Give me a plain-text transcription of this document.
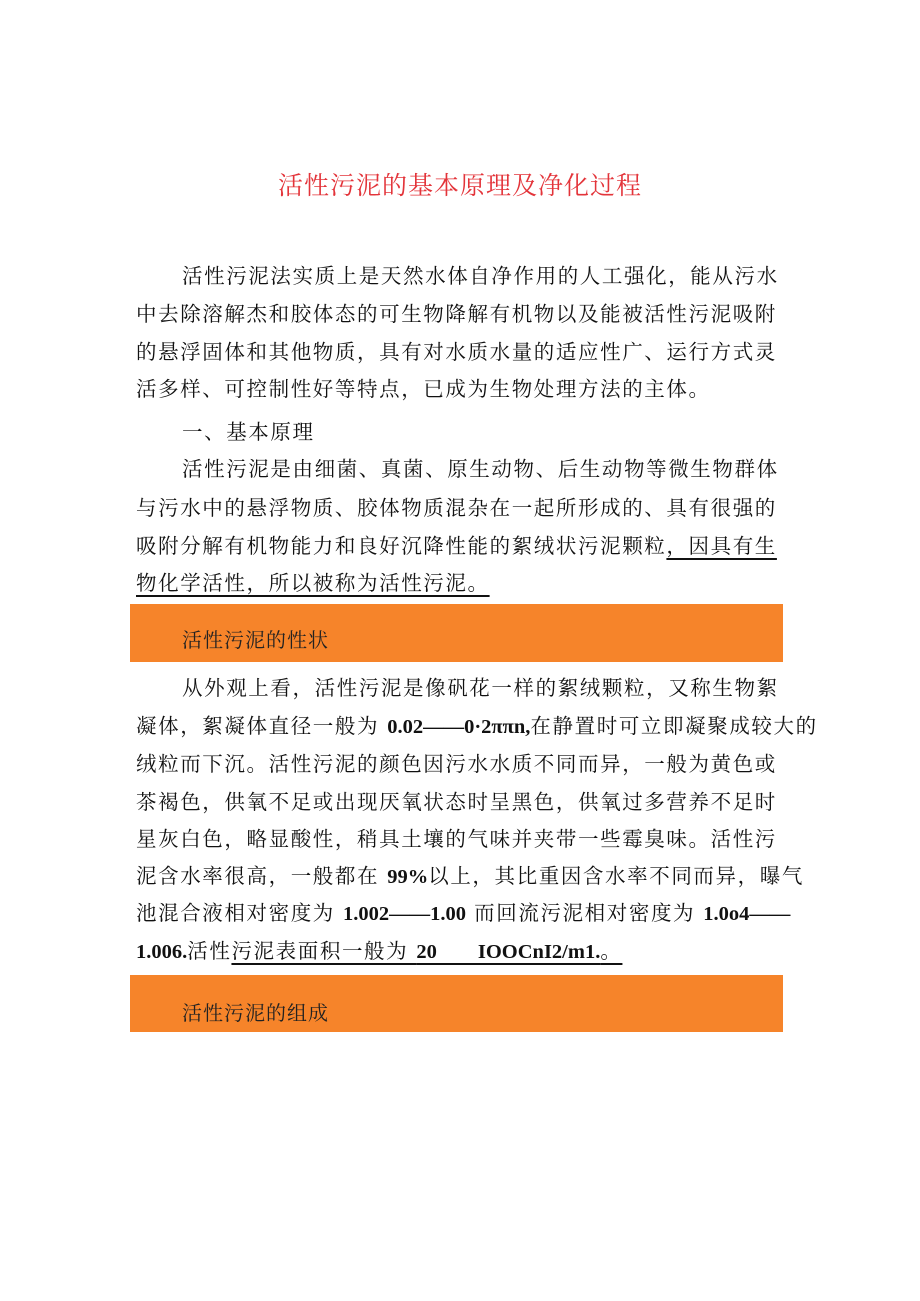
活性污泥的基本原理及净化过程
活性污泥法实质上是天然水体自净作用的人工强化，能从污水
中去除溶解杰和胶体态的可生物降解有机物以及能被活性污泥吸附
的悬浮固体和其他物质，具有对水质水量的适应性广、运行方式灵
活多样、可控制性好等特点，已成为生物处理方法的主体。
一、基本原理
活性污泥是由细菌、真菌、原生动物、后生动物等微生物群体
与污水中的悬浮物质、胶体物质混杂在一起所形成的、具有很强的
吸附分解有机物能力和良好沉降性能的絮绒状污泥颗粒，因具有生
物化学活性，所以被称为活性污泥。
活性污泥的性状
从外观上看，活性污泥是像矾花一样的絮绒颗粒，又称生物絮
凝体，絮凝体直径一般为 0.02——0·2ππn,在静置时可立即凝聚成较大的
绒粒而下沉。活性污泥的颜色因污水水质不同而异，一般为黄色或
茶褐色，供氧不足或出现厌氧状态时呈黑色，供氧过多营养不足时
星灰白色，略显酸性，稍具土壤的气味并夹带一些霉臭味。活性污
泥含水率很高，一般都在 99%以上，其比重因含水率不同而异，曝气
池混合液相对密度为 1.002——1.00 而回流污泥相对密度为 1.0o4——
1.006.活性污泥表面积一般为 20        IOOCnI2/m1.。
活性污泥的组成
